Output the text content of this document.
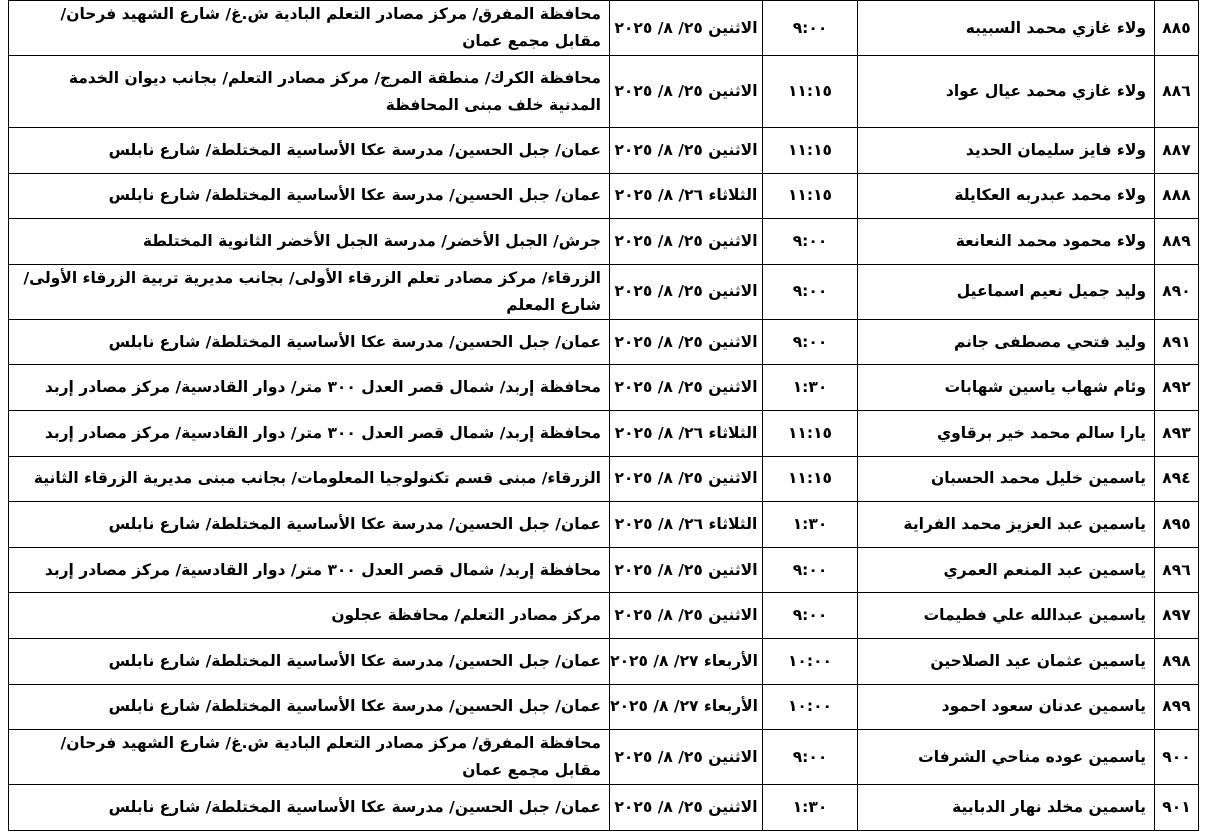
٨٨٥	ولاء غازي محمد السبيبه	٩:٠٠	الاثنين ٢٥/ ٨/ ٢٠٢٥	محافظة المفرق/ مركز مصادر التعلم البادية ش.غ/ شارع الشهيد فرحان/ مقابل مجمع عمان
٨٨٦	ولاء غازي محمد عيال عواد	١١:١٥	الاثنين ٢٥/ ٨/ ٢٠٢٥	محافظة الكرك/ منطقة المرج/ مركز مصادر التعلم/ بجانب ديوان الخدمة المدنية خلف مبنى المحافظة
٨٨٧	ولاء فايز سليمان الحديد	١١:١٥	الاثنين ٢٥/ ٨/ ٢٠٢٥	عمان/ جبل الحسين/ مدرسة عكا الأساسية المختلطة/ شارع نابلس
٨٨٨	ولاء محمد عبدربه العكايلة	١١:١٥	الثلاثاء ٢٦/ ٨/ ٢٠٢٥	عمان/ جبل الحسين/ مدرسة عكا الأساسية المختلطة/ شارع نابلس
٨٨٩	ولاء محمود محمد النعانعة	٩:٠٠	الاثنين ٢٥/ ٨/ ٢٠٢٥	جرش/ الجبل الأخضر/ مدرسة الجبل الأخضر الثانوية المختلطة
٨٩٠	وليد جميل نعيم اسماعيل	٩:٠٠	الاثنين ٢٥/ ٨/ ٢٠٢٥	الزرقاء/ مركز مصادر تعلم الزرقاء الأولى/ بجانب مديرية تربية الزرقاء الأولى/ شارع المعلم
٨٩١	وليد فتحي مصطفى جانم	٩:٠٠	الاثنين ٢٥/ ٨/ ٢٠٢٥	عمان/ جبل الحسين/ مدرسة عكا الأساسية المختلطة/ شارع نابلس
٨٩٢	وئام شهاب ياسين شهابات	١:٣٠	الاثنين ٢٥/ ٨/ ٢٠٢٥	محافظة إربد/ شمال قصر العدل ٣٠٠ متر/ دوار القادسية/ مركز مصادر إربد
٨٩٣	يارا سالم محمد خير برقاوي	١١:١٥	الثلاثاء ٢٦/ ٨/ ٢٠٢٥	محافظة إربد/ شمال قصر العدل ٣٠٠ متر/ دوار القادسية/ مركز مصادر إربد
٨٩٤	ياسمين خليل محمد الحسبان	١١:١٥	الاثنين ٢٥/ ٨/ ٢٠٢٥	الزرقاء/ مبنى قسم تكنولوجيا المعلومات/ بجانب مبنى مديرية الزرقاء الثانية
٨٩٥	ياسمين عبد العزيز محمد الفراية	١:٣٠	الثلاثاء ٢٦/ ٨/ ٢٠٢٥	عمان/ جبل الحسين/ مدرسة عكا الأساسية المختلطة/ شارع نابلس
٨٩٦	ياسمين عبد المنعم العمري	٩:٠٠	الاثنين ٢٥/ ٨/ ٢٠٢٥	محافظة إربد/ شمال قصر العدل ٣٠٠ متر/ دوار القادسية/ مركز مصادر إربد
٨٩٧	ياسمين عبدالله علي فطيمات	٩:٠٠	الاثنين ٢٥/ ٨/ ٢٠٢٥	مركز مصادر التعلم/ محافظة عجلون
٨٩٨	ياسمين عثمان عيد الصلاحين	١٠:٠٠	الأربعاء ٢٧/ ٨/ ٢٠٢٥	عمان/ جبل الحسين/ مدرسة عكا الأساسية المختلطة/ شارع نابلس
٨٩٩	ياسمين عدنان سعود احمود	١٠:٠٠	الأربعاء ٢٧/ ٨/ ٢٠٢٥	عمان/ جبل الحسين/ مدرسة عكا الأساسية المختلطة/ شارع نابلس
٩٠٠	ياسمين عوده مناحي الشرفات	٩:٠٠	الاثنين ٢٥/ ٨/ ٢٠٢٥	محافظة المفرق/ مركز مصادر التعلم البادية ش.غ/ شارع الشهيد فرحان/ مقابل مجمع عمان
٩٠١	ياسمين مخلد نهار الدبابية	١:٣٠	الاثنين ٢٥/ ٨/ ٢٠٢٥	عمان/ جبل الحسين/ مدرسة عكا الأساسية المختلطة/ شارع نابلس
